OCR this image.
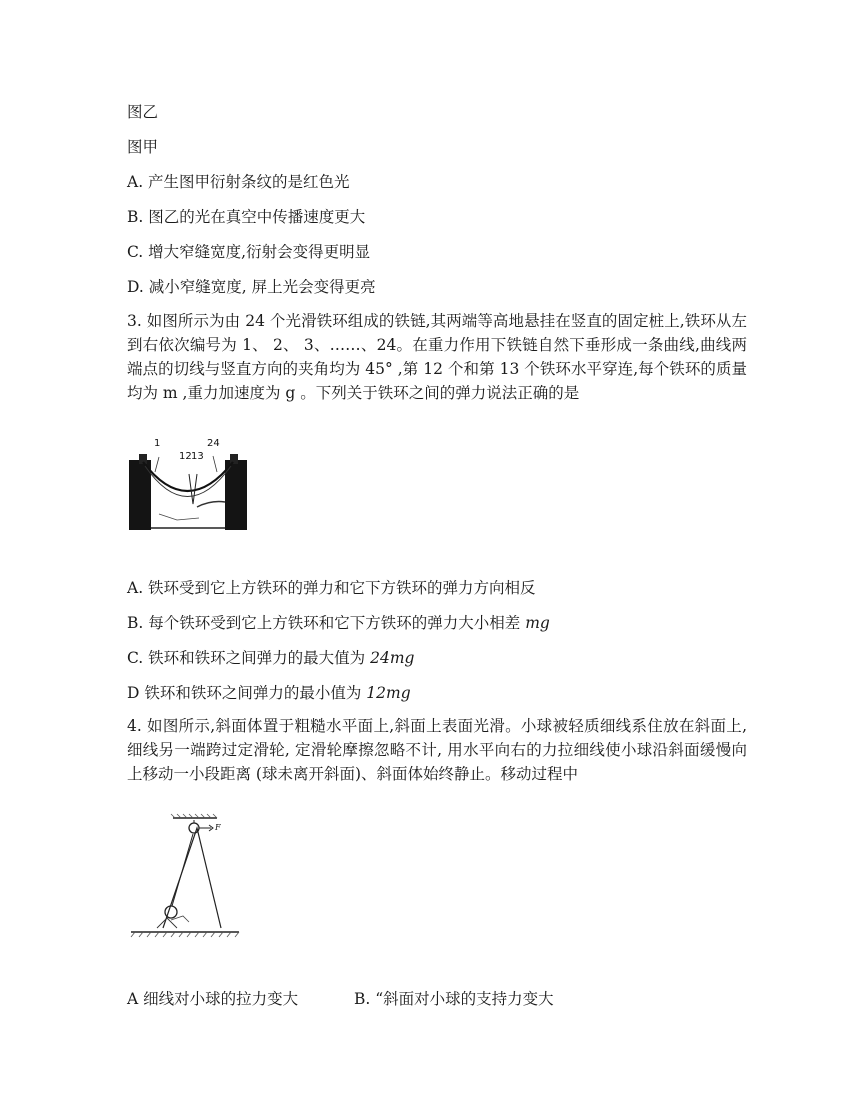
图乙
图甲
A. 产生图甲衍射条纹的是红色光
B. 图乙的光在真空中传播速度更大
C. 增大窄缝宽度,衍射会变得更明显
D. 减小窄缝宽度, 屏上光会变得更亮
3. 如图所示为由 24 个光滑铁环组成的铁链,其两端等高地悬挂在竖直的固定桩上,铁环从左到右依次编号为 1、 2、 3、……、24。在重力作用下铁链自然下垂形成一条曲线,曲线两端点的切线与竖直方向的夹角均为 45° ,第 12 个和第 13 个铁环水平穿连,每个铁环的质量均为 m ,重力加速度为 g 。下列关于铁环之间的弹力说法正确的是
1
12 13
24
A. 铁环受到它上方铁环的弹力和它下方铁环的弹力方向相反
B. 每个铁环受到它上方铁环和它下方铁环的弹力大小相差 mg
C. 铁环和铁环之间弹力的最大值为 24mg
D 铁环和铁环之间弹力的最小值为 12mg
4. 如图所示,斜面体置于粗糙水平面上,斜面上表面光滑。小球被轻质细线系住放在斜面上,细线另一端跨过定滑轮, 定滑轮摩擦忽略不计, 用水平向右的力拉细线使小球沿斜面缓慢向上移动一小段距离 (球未离开斜面)、斜面体始终静止。移动过程中
F
A 细线对小球的拉力变大	B. “斜面对小球的支持力变大
